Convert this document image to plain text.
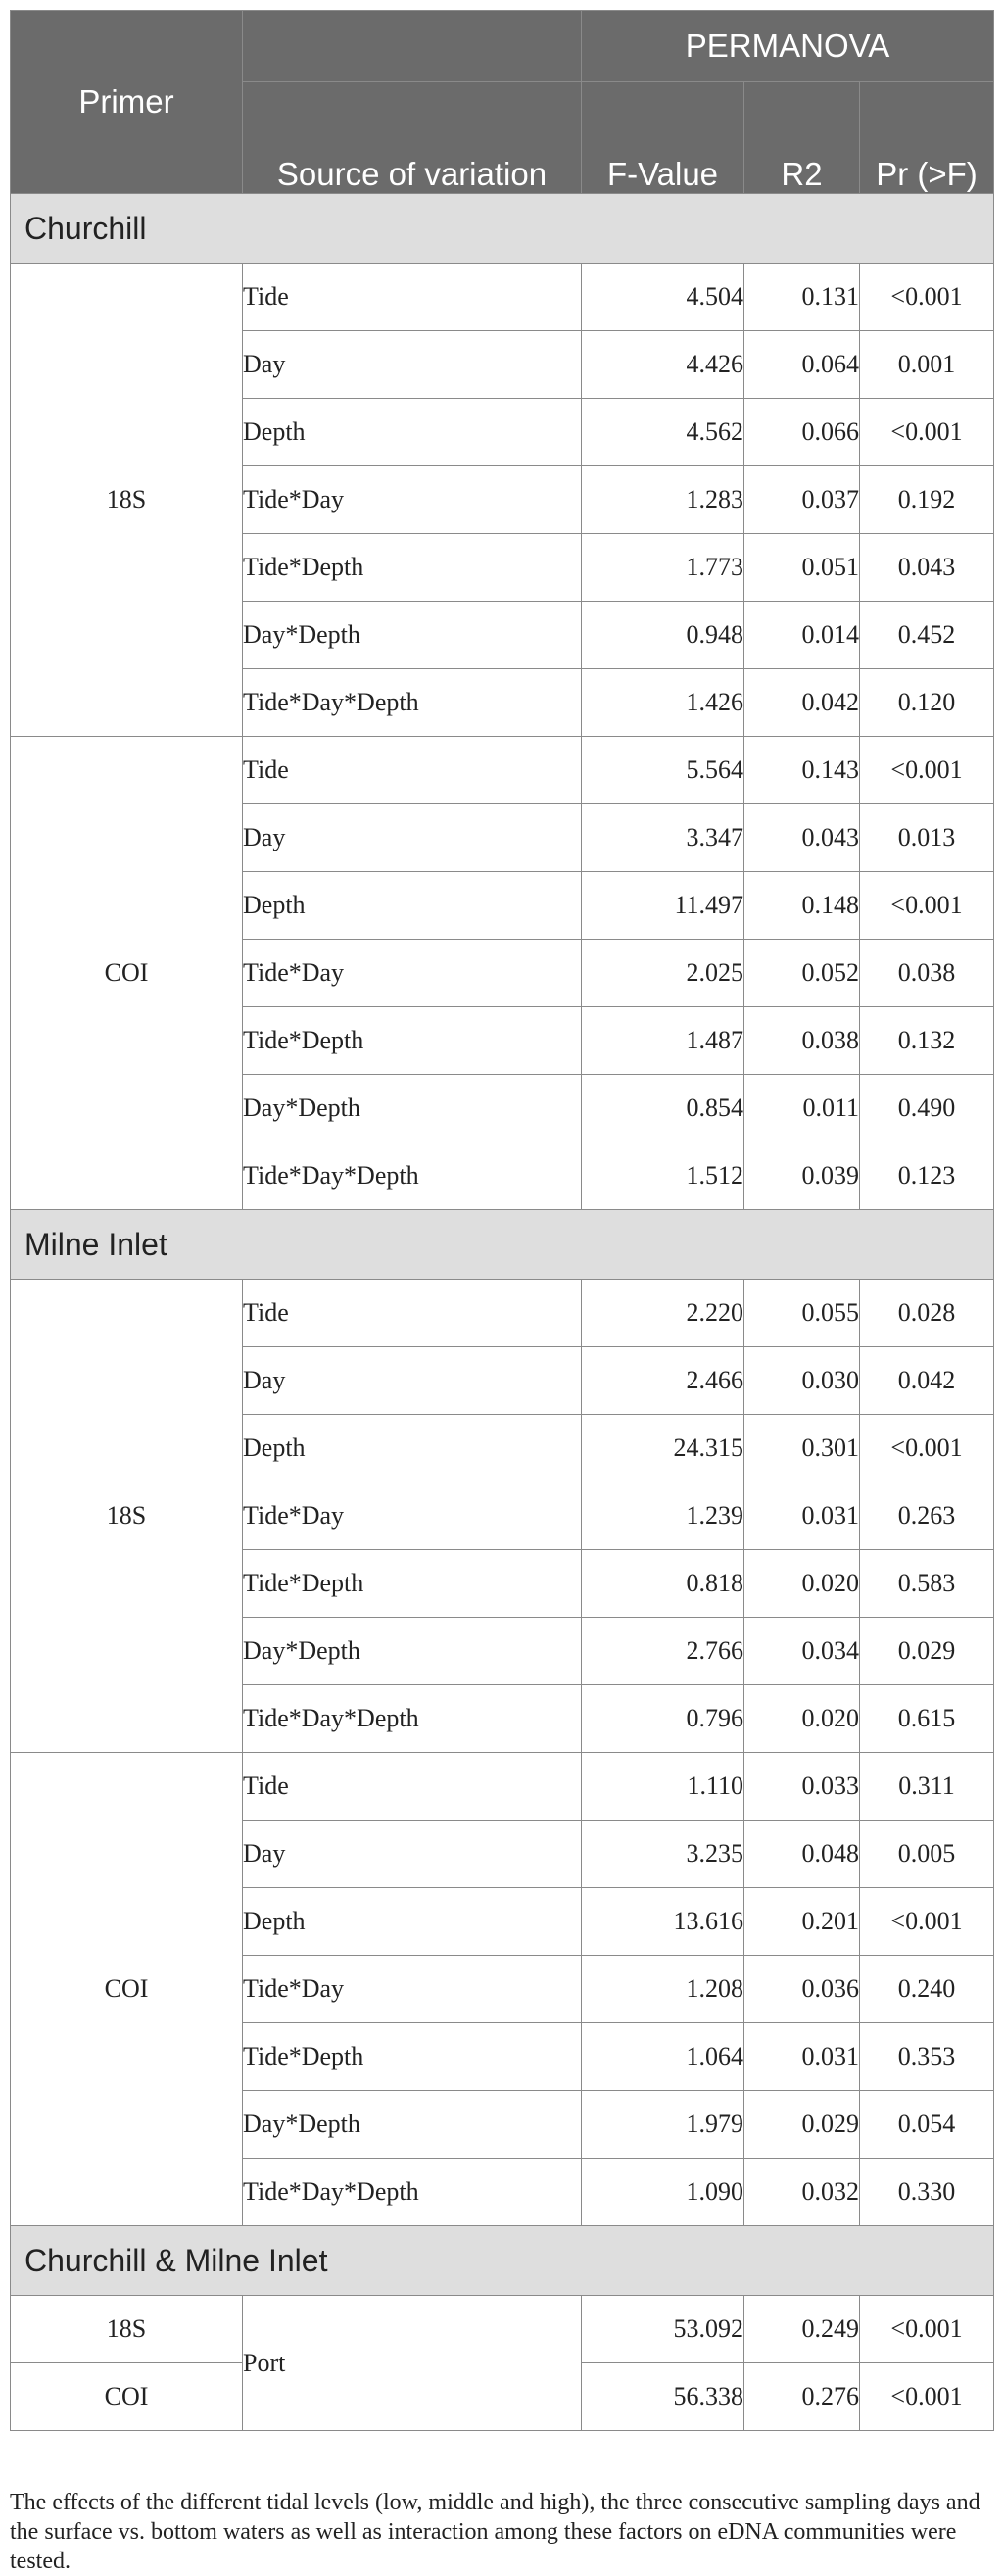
Primer		PERMANOVA		
	Source of variation	F-Value	R2	Pr (>F)
Churchill				
18S	Tide	4.504	0.131	<0.001
	Day	4.426	0.064	0.001
	Depth	4.562	0.066	<0.001
	Tide*Day	1.283	0.037	0.192
	Tide*Depth	1.773	0.051	0.043
	Day*Depth	0.948	0.014	0.452
	Tide*Day*Depth	1.426	0.042	0.120
COI	Tide	5.564	0.143	<0.001
	Day	3.347	0.043	0.013
	Depth	11.497	0.148	<0.001
	Tide*Day	2.025	0.052	0.038
	Tide*Depth	1.487	0.038	0.132
	Day*Depth	0.854	0.011	0.490
	Tide*Day*Depth	1.512	0.039	0.123
Milne Inlet				
18S	Tide	2.220	0.055	0.028
	Day	2.466	0.030	0.042
	Depth	24.315	0.301	<0.001
	Tide*Day	1.239	0.031	0.263
	Tide*Depth	0.818	0.020	0.583
	Day*Depth	2.766	0.034	0.029
	Tide*Day*Depth	0.796	0.020	0.615
COI	Tide	1.110	0.033	0.311
	Day	3.235	0.048	0.005
	Depth	13.616	0.201	<0.001
	Tide*Day	1.208	0.036	0.240
	Tide*Depth	1.064	0.031	0.353
	Day*Depth	1.979	0.029	0.054
	Tide*Day*Depth	1.090	0.032	0.330
Churchill & Milne Inlet				
18S	Port	53.092	0.249	<0.001
COI		56.338	0.276	<0.001
The effects of the different tidal levels (low, middle and high), the three consecutive sampling days and the surface vs. bottom waters as well as interaction among these factors on eDNA communities were tested.
